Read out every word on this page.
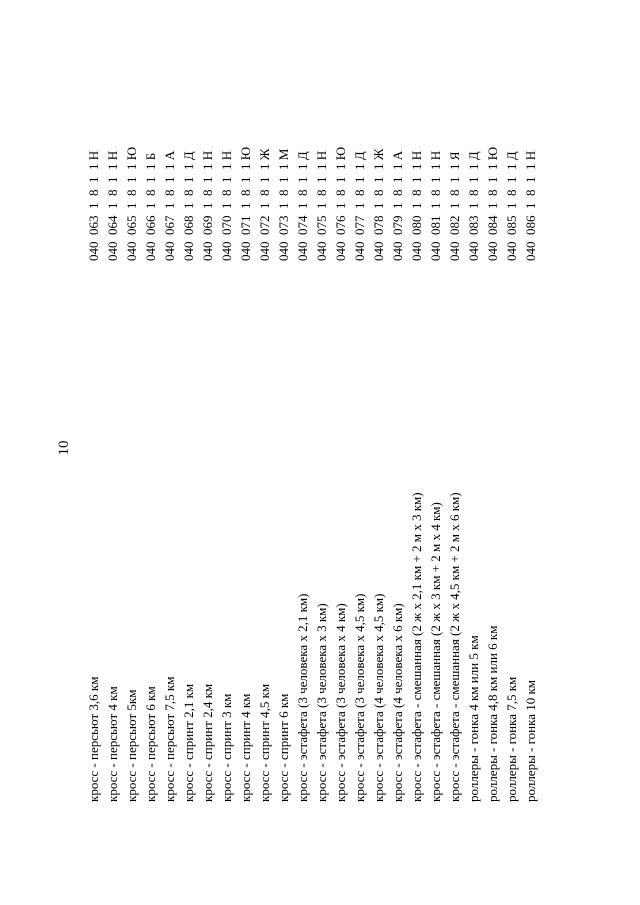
10
кросс - персьют 3,6 км
040  063  1  8  1  1 Н
кросс - персьют 4 км
040  064  1  8  1  1 Н
кросс - персьют 5км
040  065  1  8  1  1 Ю
кросс - персьют 6 км
040  066  1  8  1  1 Б
кросс - персьют 7,5 км
040  067  1  8  1  1 А
кросс - спринт 2,1 км
040  068  1  8  1  1 Д
кросс - спринт 2,4 км
040  069  1  8  1  1 Н
кросс - спринт 3 км
040  070  1  8  1  1 Н
кросс - спринт 4 км
040  071  1  8  1  1 Ю
кросс - спринт 4,5 км
040  072  1  8  1  1 Ж
кросс - спринт 6 км
040  073  1  8  1  1 М
кросс - эстафета (3 человека х 2,1 км)
040  074  1  8  1  1 Д
кросс - эстафета (3 человека х 3 км)
040  075  1  8  1  1 Н
кросс - эстафета (3 человека х 4 км)
040  076  1  8  1  1 Ю
кросс - эстафета (3 человека х 4,5 км)
040  077  1  8  1  1 Д
кросс - эстафета (4 человека х 4,5 км)
040  078  1  8  1  1 Ж
кросс - эстафета (4 человека х 6 км)
040  079  1  8  1  1 А
кросс - эстафета - смешанная (2 ж х 2,1 км + 2 м х 3 км)
040  080  1  8  1  1 Н
кросс - эстафета - смешанная (2 ж х 3 км + 2 м х 4 км)
040  081  1  8  1  1 Н
кросс - эстафета - смешанная (2 ж х 4,5 км + 2 м х 6 км)
040  082  1  8  1  1 Я
роллеры - гонка 4 км или 5 км
040  083  1  8  1  1 Д
роллеры - гонка 4,8 км или 6 км
040  084  1  8  1  1 Ю
роллеры - гонка 7,5 км
040  085  1  8  1  1 Д
роллеры - гонка 10 км
040  086  1  8  1  1 Н
